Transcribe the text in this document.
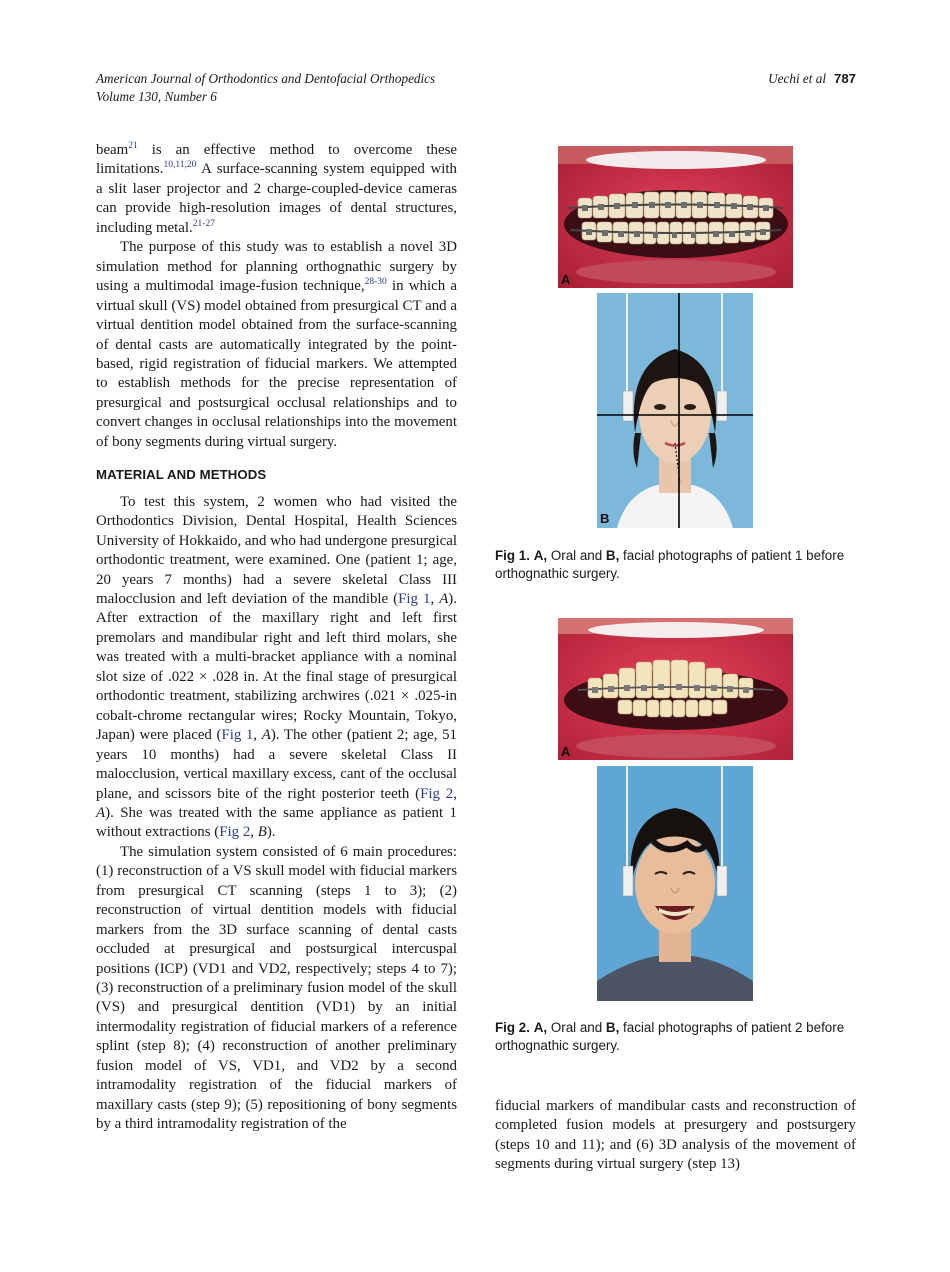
American Journal of Orthodontics and Dentofacial Orthopedics
Volume 130, Number 6
Uechi et al 787

beam$^{21}$ is an effective method to overcome these limitations.$^{10,11,20}$ A surface-scanning system equipped with a slit laser projector and 2 charge-coupled-device cameras can provide high-resolution images of dental structures, including metal.$^{21-27}$

The purpose of this study was to establish a novel 3D simulation method for planning orthognathic surgery by using a multimodal image-fusion technique,$^{28-30}$ in which a virtual skull (VS) model obtained from presurgical CT and a virtual dentition model obtained from the surface-scanning of dental casts are automatically integrated by the point-based, rigid registration of fiducial markers. We attempted to establish methods for the precise representation of presurgical and postsurgical occlusal relationships and to convert changes in occlusal relationships into the movement of bony segments during virtual surgery.

MATERIAL AND METHODS

To test this system, 2 women who had visited the Orthodontics Division, Dental Hospital, Health Sciences University of Hokkaido, and who had undergone presurgical orthodontic treatment, were examined. One (patient 1; age, 20 years 7 months) had a severe skeletal Class III malocclusion and left deviation of the mandible (Fig 1, A). After extraction of the maxillary right and left first premolars and mandibular right and left third molars, she was treated with a multi-bracket appliance with a nominal slot size of .022 × .028 in. At the final stage of presurgical orthodontic treatment, stabilizing archwires (.021 × .025-in cobalt-chrome rectangular wires; Rocky Mountain, Tokyo, Japan) were placed (Fig 1, A). The other (patient 2; age, 51 years 10 months) had a severe skeletal Class II malocclusion, vertical maxillary excess, cant of the occlusal plane, and scissors bite of the right posterior teeth (Fig 2, A). She was treated with the same appliance as patient 1 without extractions (Fig 2, B).

The simulation system consisted of 6 main procedures: (1) reconstruction of a VS skull model with fiducial markers from presurgical CT scanning (steps 1 to 3); (2) reconstruction of virtual dentition models with fiducial markers from the 3D surface scanning of dental casts occluded at presurgical and postsurgical intercuspal positions (ICP) (VD1 and VD2, respectively; steps 4 to 7); (3) reconstruction of a preliminary fusion model of the skull (VS) and presurgical dentition (VD1) by an initial intermodality registration of fiducial markers of a reference splint (step 8); (4) reconstruction of another preliminary fusion model of VS, VD1, and VD2 by a second intramodality registration of the fiducial markers of maxillary casts (step 9); (5) repositioning of bony segments by a third intramodality registration of the

fiducial markers of mandibular casts and reconstruction of completed fusion models at presurgery and postsurgery (steps 10 and 11); and (6) 3D analysis of the movement of segments during virtual surgery (step 13)

A
B
Fig 1. A, Oral and B, facial photographs of patient 1 before orthognathic surgery.
A
Fig 2. A, Oral and B, facial photographs of patient 2 before orthognathic surgery.
